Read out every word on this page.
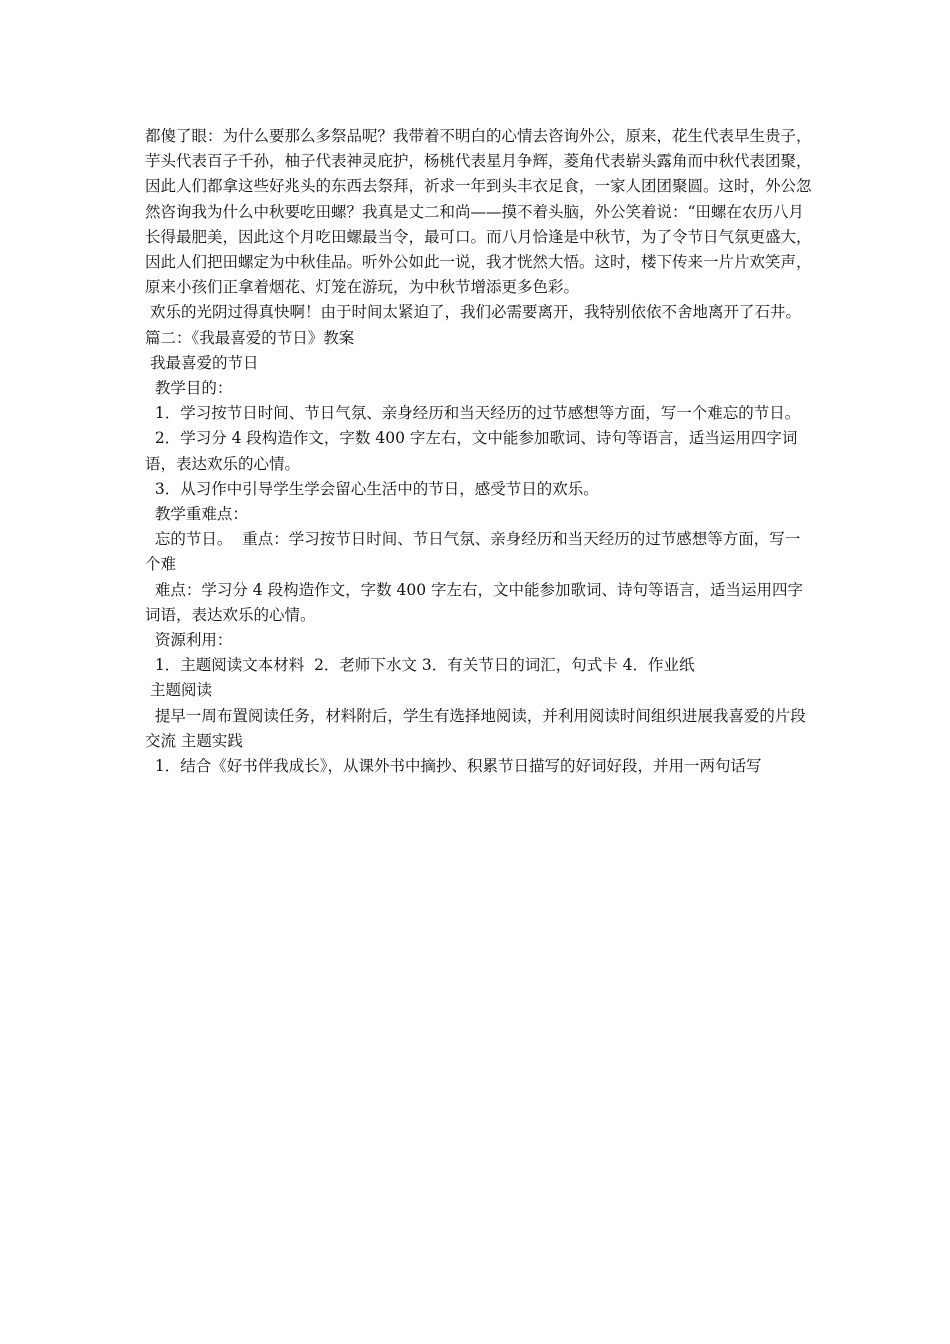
都傻了眼：为什么要那么多祭品呢？我带着不明白的心情去咨询外公，原来，花生代表早生贵子，芋头代表百子千孙，柚子代表神灵庇护，杨桃代表星月争辉，菱角代表崭头露角而中秋代表团聚，因此人们都拿这些好兆头的东西去祭拜，祈求一年到头丰衣足食，一家人团团聚圆。这时，外公忽然咨询我为什么中秋要吃田螺？我真是丈二和尚——摸不着头脑，外公笑着说：“田螺在农历八月长得最肥美，因此这个月吃田螺最当令，最可口。而八月恰逢是中秋节，为了令节日气氛更盛大，因此人们把田螺定为中秋佳品。听外公如此一说，我才恍然大悟。这时，楼下传来一片片欢笑声，原来小孩们正拿着烟花、灯笼在游玩，为中秋节增添更多色彩。

欢乐的光阴过得真快啊！由于时间太紧迫了，我们必需要离开，我特别依依不舍地离开了石井。

篇二：《我最喜爱的节日》教案

我最喜爱的节日

教学目的：

1．学习按节日时间、节日气氛、亲身经历和当天经历的过节感想等方面，写一个难忘的节日。

2．学习分 4 段构造作文，字数 400 字左右，文中能参加歌词、诗句等语言，适当运用四字词语，表达欢乐的心情。

3．从习作中引导学生学会留心生活中的节日，感受节日的欢乐。

教学重难点：

忘的节日。  重点：学习按节日时间、节日气氛、亲身经历和当天经历的过节感想等方面，写一个难

难点：学习分 4 段构造作文，字数 400 字左右，文中能参加歌词、诗句等语言，适当运用四字词语，表达欢乐的心情。

资源利用：

1．主题阅读文本材料  2．老师下水文 3．有关节日的词汇，句式卡 4．作业纸

主题阅读

提早一周布置阅读任务，材料附后，学生有选择地阅读，并利用阅读时间组织进展我喜爱的片段交流 主题实践

1．结合《好书伴我成长》，从课外书中摘抄、积累节日描写的好词好段，并用一两句话写
